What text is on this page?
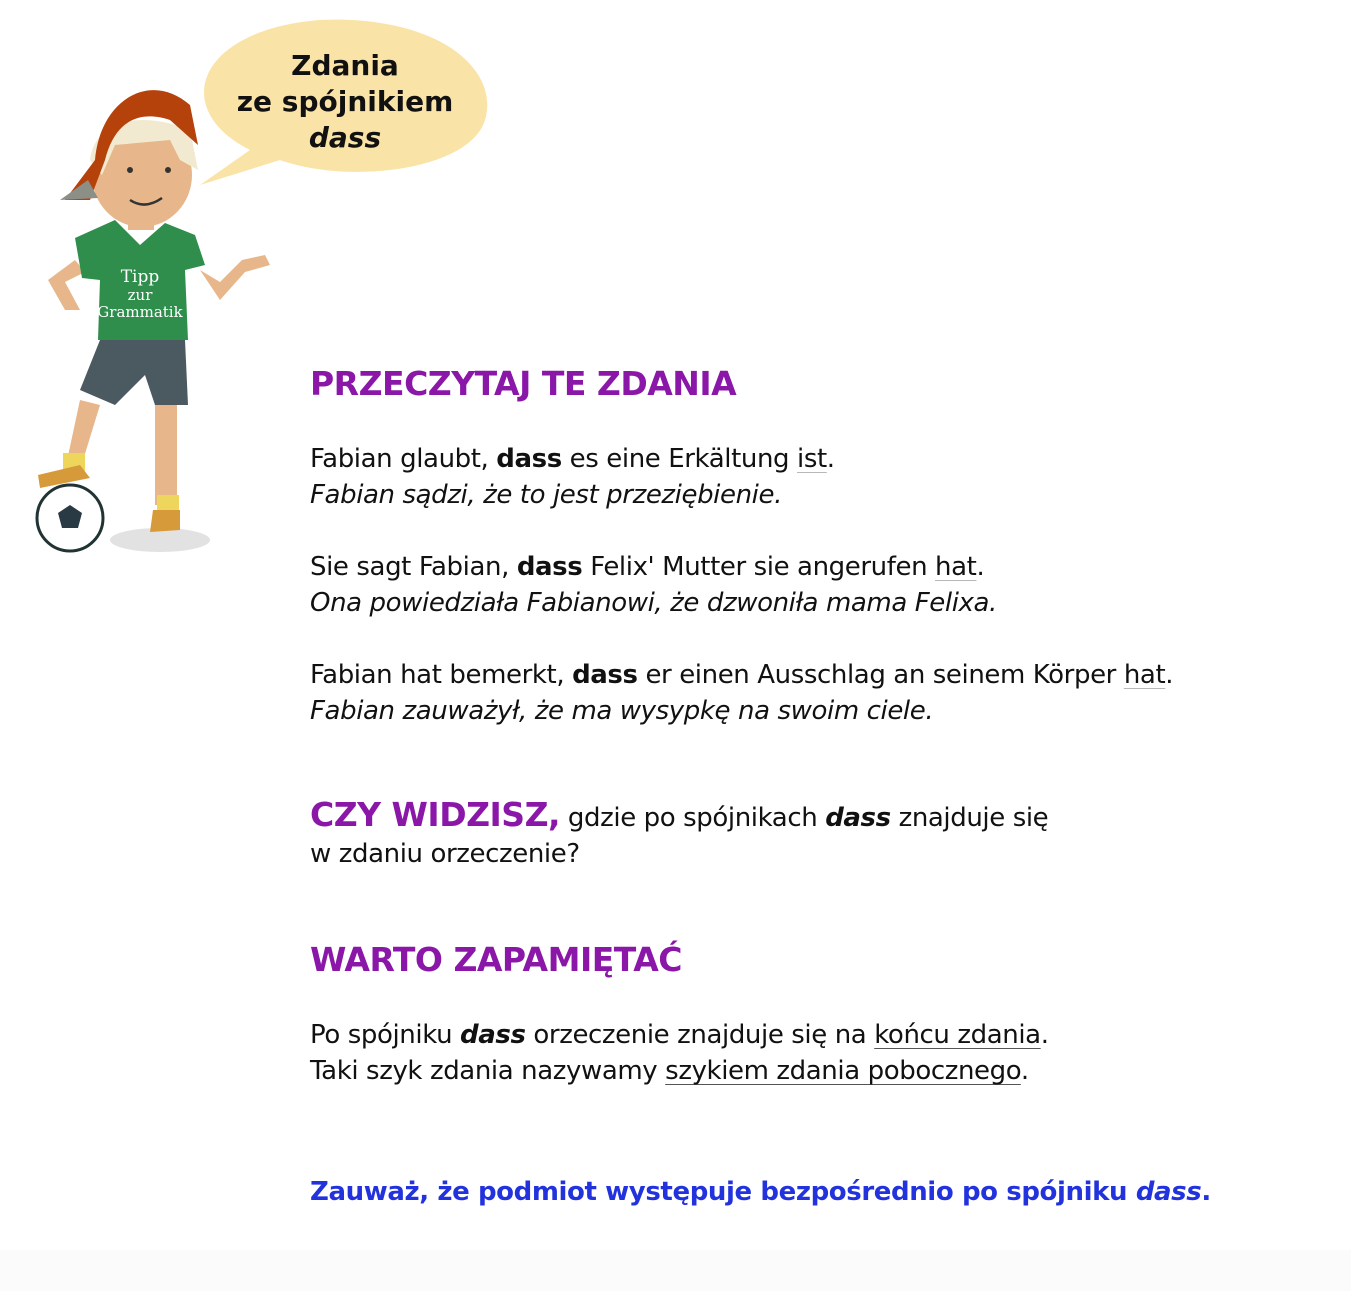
Tipp
zur
Grammatik
Zdania
ze spójnikiem
dass
PRZECZYTAJ TE ZDANIA
Fabian glaubt, dass es eine Erkältung ist.
Fabian sądzi, że to jest przeziębienie.
Sie sagt Fabian, dass Felix' Mutter sie angerufen hat.
Ona powiedziała Fabianowi, że dzwoniła mama Felixa.
Fabian hat bemerkt, dass er einen Ausschlag an seinem Körper hat.
Fabian zauważył, że ma wysypkę na swoim ciele.
CZY WIDZISZ, gdzie po spójnikach dass znajduje się
w zdaniu orzeczenie?
WARTO ZAPAMIĘTAĆ
Po spójniku dass orzeczenie znajduje się na końcu zdania.
Taki szyk zdania nazywamy szykiem zdania pobocznego.
Zauważ, że podmiot występuje bezpośrednio po spójniku dass.
